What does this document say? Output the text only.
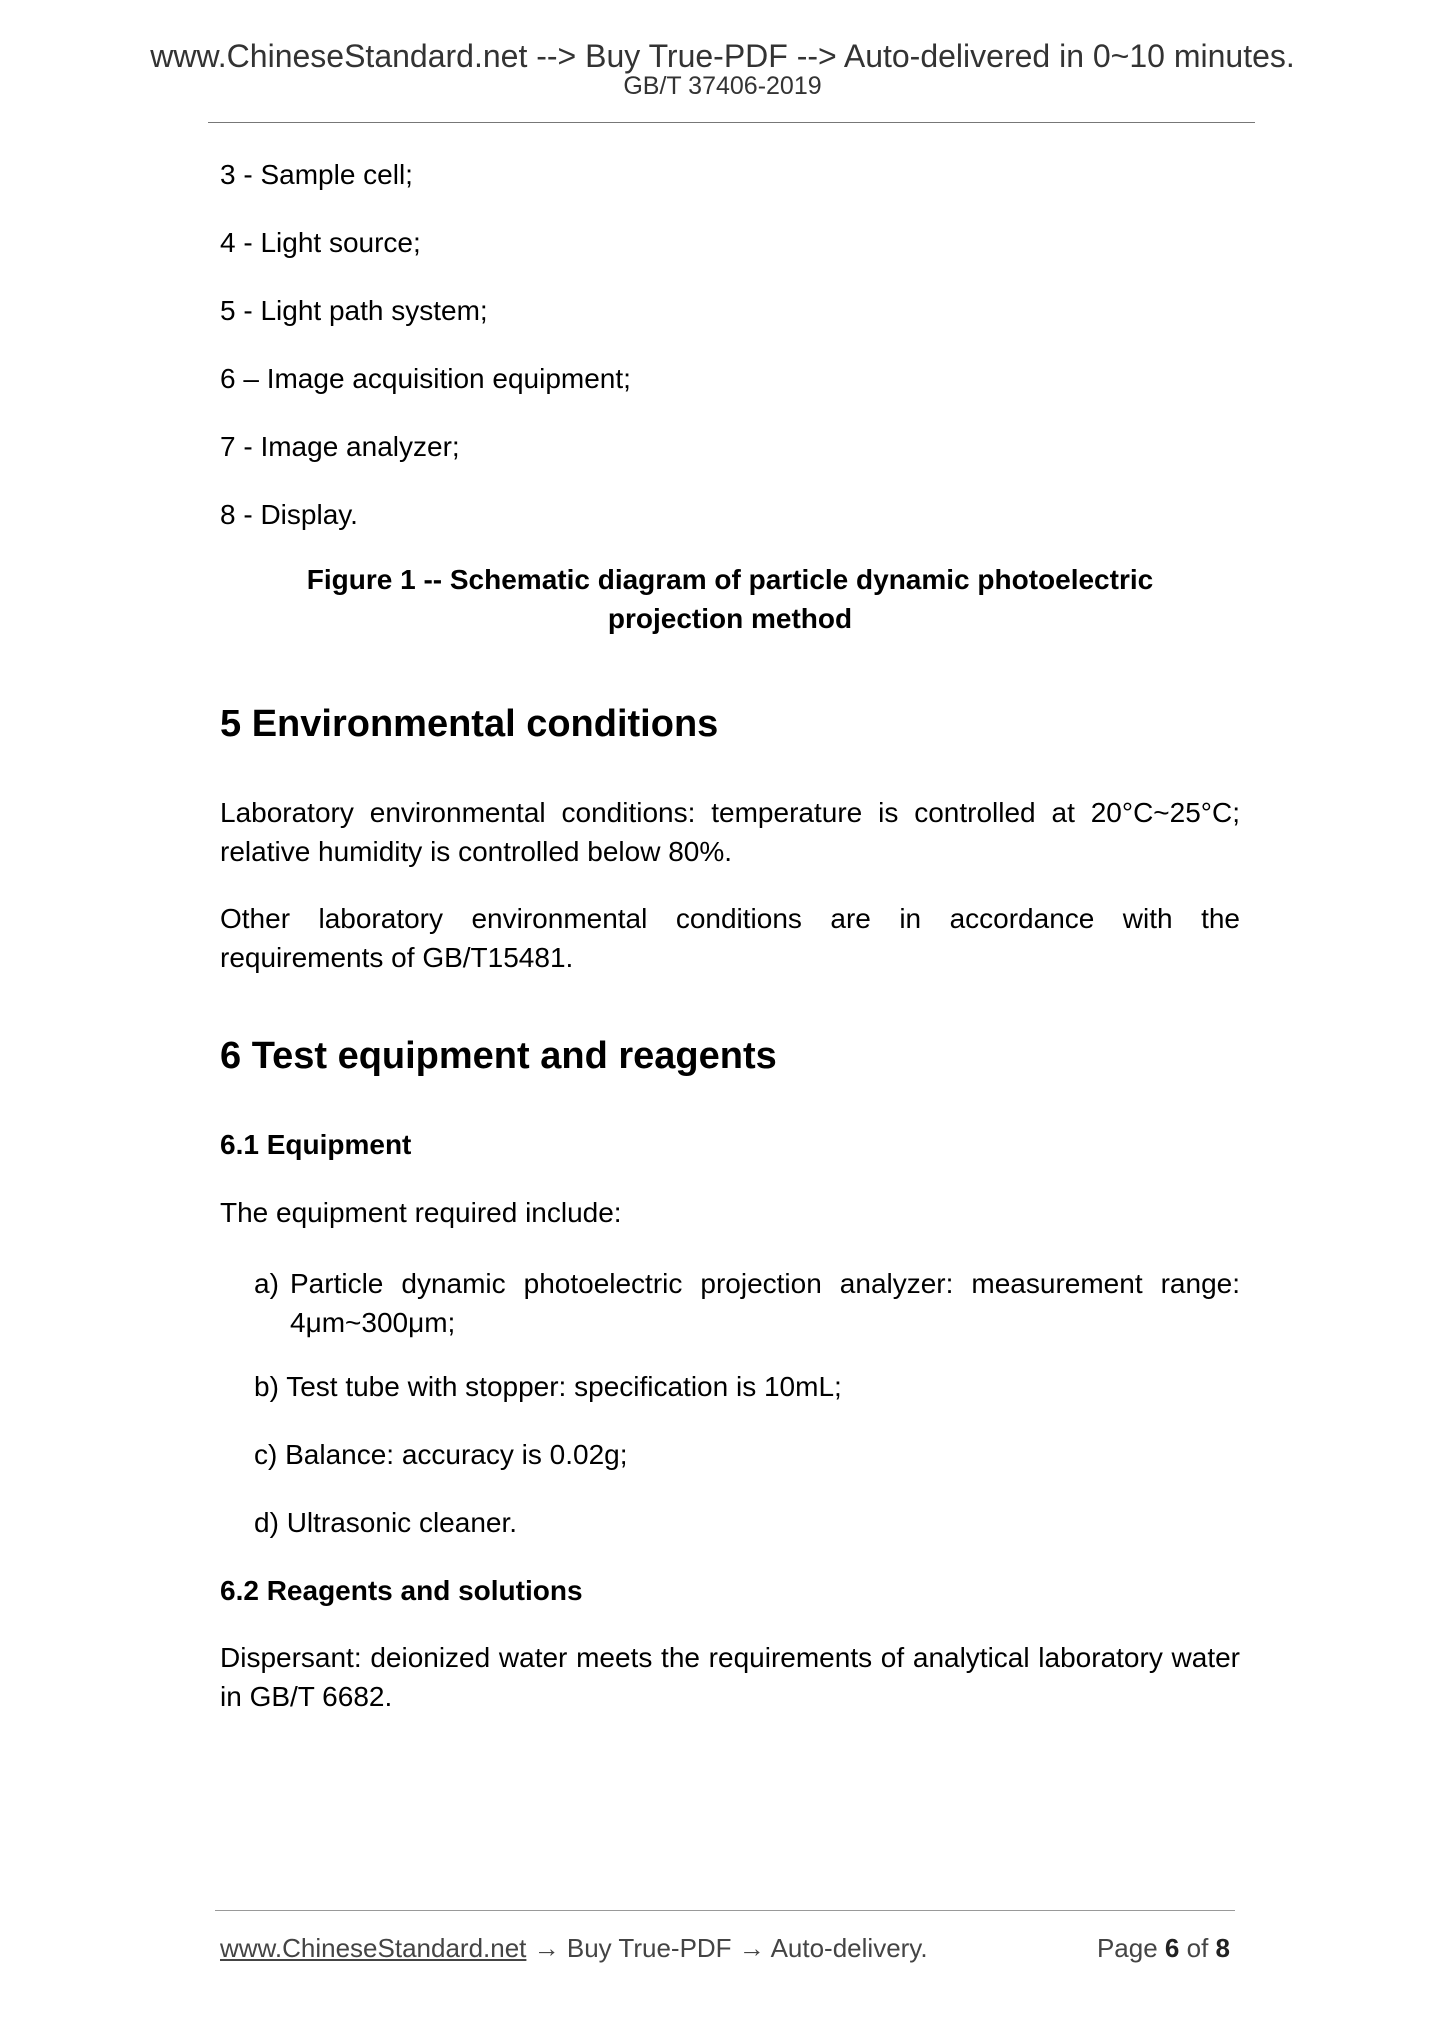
www.ChineseStandard.net --> Buy True-PDF --> Auto-delivered in 0~10 minutes.
GB/T 37406-2019
3 - Sample cell;
4 - Light source;
5 - Light path system;
6 – Image acquisition equipment;
7 - Image analyzer;
8 - Display.
Figure 1 -- Schematic diagram of particle dynamic photoelectric
projection method
5 Environmental conditions
Laboratory environmental conditions: temperature is controlled at 20°C~25°C; relative humidity is controlled below 80%.
Other laboratory environmental conditions are in accordance with the requirements of GB/T15481.
6 Test equipment and reagents
6.1 Equipment
The equipment required include:
a) Particle dynamic photoelectric projection analyzer: measurement range: 4μm~300μm;
b) Test tube with stopper: specification is 10mL;
c) Balance: accuracy is 0.02g;
d) Ultrasonic cleaner.
6.2 Reagents and solutions
Dispersant: deionized water meets the requirements of analytical laboratory water in GB/T 6682.
www.ChineseStandard.net → Buy True-PDF → Auto-delivery.	Page 6 of 8
